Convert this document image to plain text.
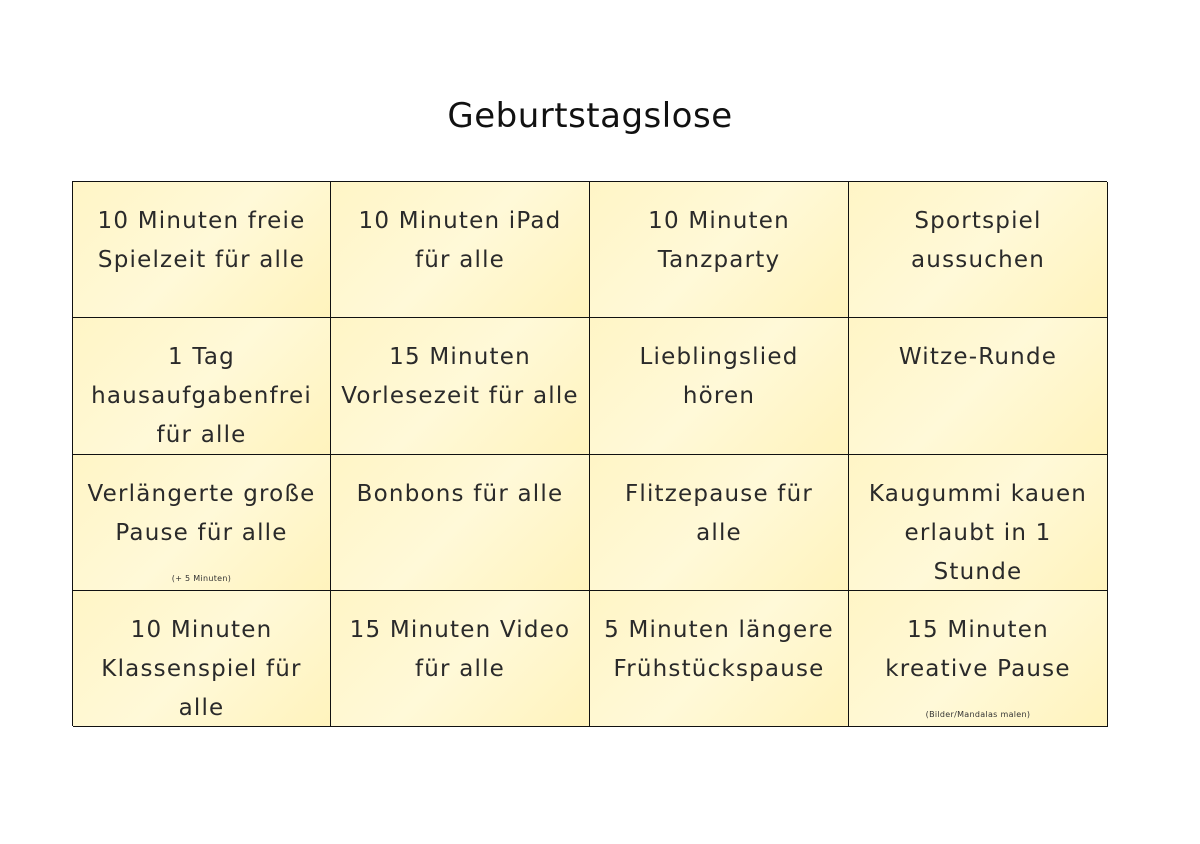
Geburtstagslose
10 Minuten freie Spielzeit für alle
10 Minuten iPad für alle
10 Minuten Tanzparty
Sportspiel aussuchen
1 Tag hausaufgabenfrei für alle
15 Minuten Vorlesezeit für alle
Lieblingslied hören
Witze-Runde
Verlängerte große Pause für alle
(+ 5 Minuten)
Bonbons für alle	Flitzepause für alle
Kaugummi kauen erlaubt in 1 Stunde
10 Minuten Klassenspiel für alle
15 Minuten Video für alle
5 Minuten längere Frühstückspause
15 Minuten kreative Pause
(Bilder/Mandalas malen)
